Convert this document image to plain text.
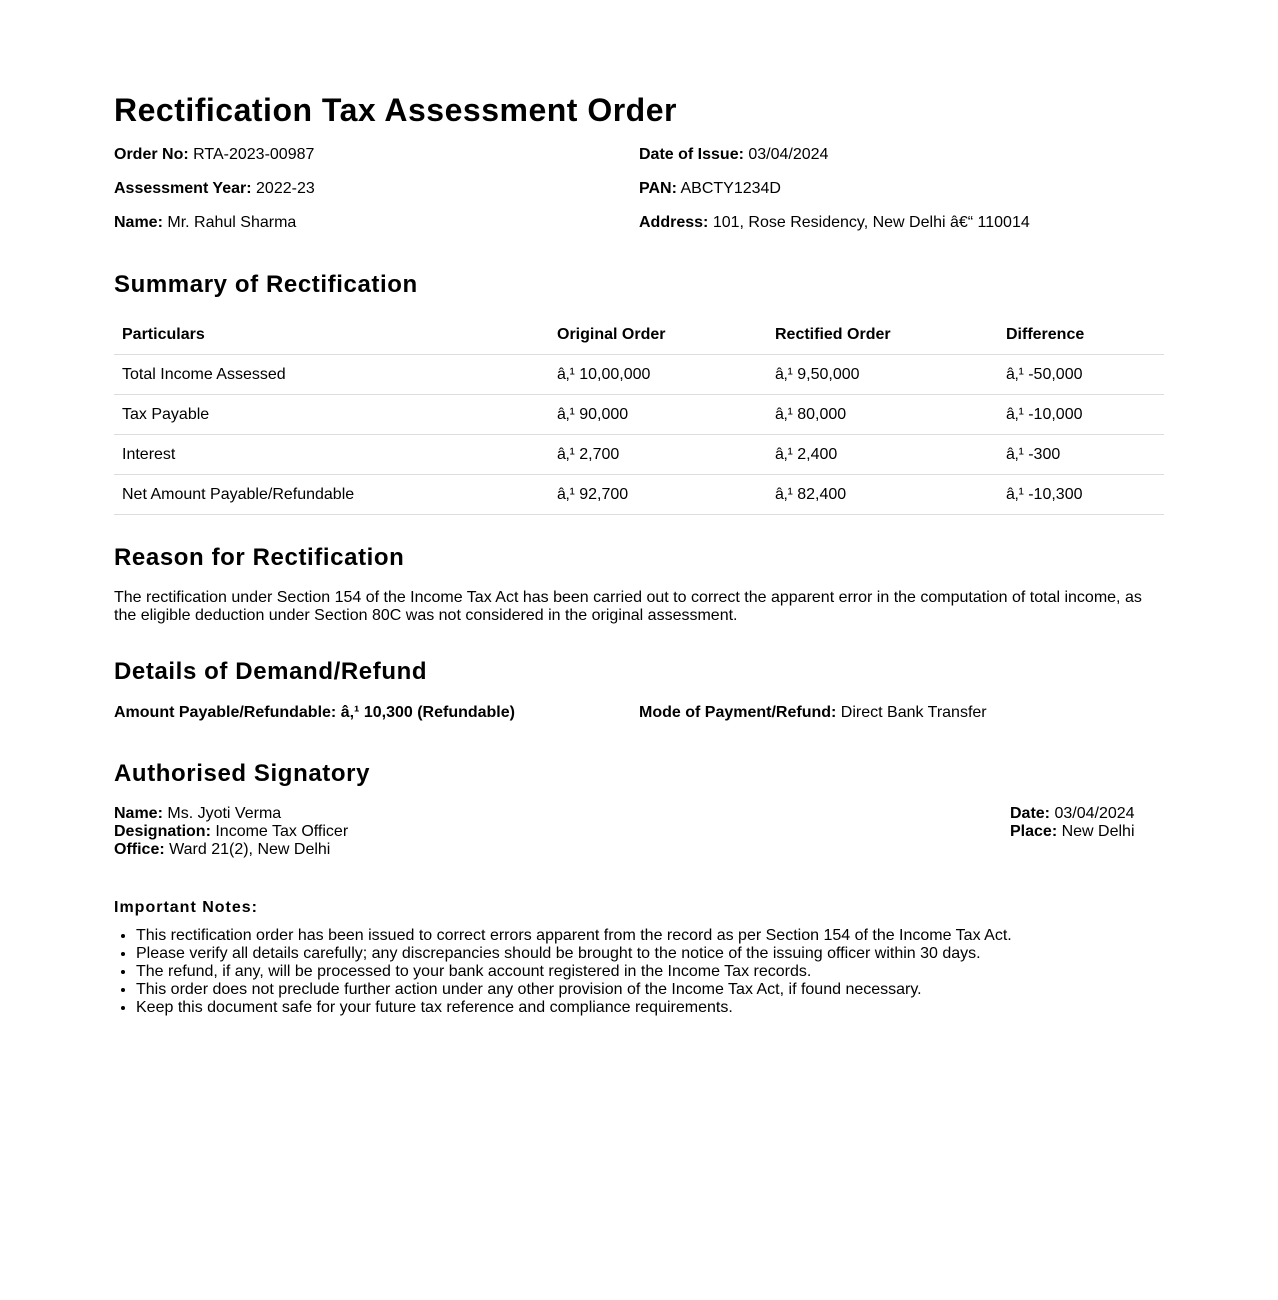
Rectification Tax Assessment Order
Order No: RTA-2023-00987	Date of Issue: 03/04/2024
Assessment Year: 2022-23	PAN: ABCTY1234D
Name: Mr. Rahul Sharma	Address: 101, Rose Residency, New Delhi â€“ 110014
Summary of Rectification
Particulars	Original Order	Rectified Order	Difference
Total Income Assessed	â‚¹ 10,00,000	â‚¹ 9,50,000	â‚¹ -50,000
Tax Payable	â‚¹ 90,000	â‚¹ 80,000	â‚¹ -10,000
Interest	â‚¹ 2,700	â‚¹ 2,400	â‚¹ -300
Net Amount Payable/Refundable	â‚¹ 92,700	â‚¹ 82,400	â‚¹ -10,300
Reason for Rectification

The rectification under Section 154 of the Income Tax Act has been carried out to correct the apparent error in the computation of total income, as the eligible deduction under Section 80C was not considered in the original assessment.

Details of Demand/Refund
Amount Payable/Refundable: â‚¹ 10,300 (Refundable)	Mode of Payment/Refund: Direct Bank Transfer
Authorised Signatory
Name: Ms. Jyoti Verma
Designation: Income Tax Officer
Office: Ward 21(2), New Delhi
Date: 03/04/2024
Place: New Delhi
Important Notes:
• This rectification order has been issued to correct errors apparent from the record as per Section 154 of the Income Tax Act.
• Please verify all details carefully; any discrepancies should be brought to the notice of the issuing officer within 30 days.
• The refund, if any, will be processed to your bank account registered in the Income Tax records.
• This order does not preclude further action under any other provision of the Income Tax Act, if found necessary.
• Keep this document safe for your future tax reference and compliance requirements.
